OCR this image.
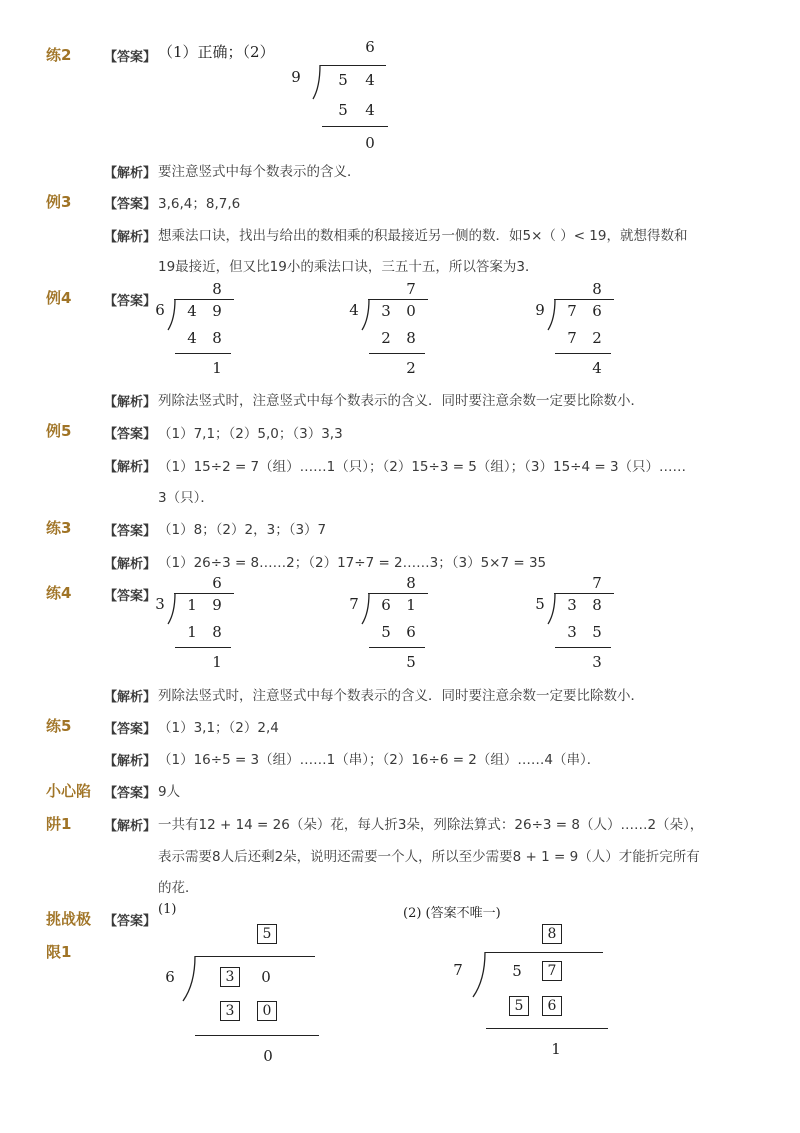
练2	【答案】 （1）正确；（2）	6
9	5	4
5	4
0
【解析】 要注意竖式中每个数表示的含义．
例3	【答案】 3,6,4；8,7,6
【解析】 想乘法口诀，找出与给出的数相乘的积最接近另一侧的数．如5×（ ）< 19，就想得数和
19最接近，但又比19小的乘法口诀，三五十五，所以答案为3．
例4	【答案】
8
6	4	9
4	8
1
7
4	3	0
2	8
2
8
9	7	6
7	2
4
【解析】 列除法竖式时，注意竖式中每个数表示的含义．同时要注意余数一定要比除数小．
例5	【答案】 （1）7,1；（2）5,0；（3）3,3
【解析】 （1）15÷2 = 7（组）……1（只）；（2）15÷3 = 5（组）；（3）15÷4 = 3（只）……
3（只）．
练3	【答案】 （1）8；（2）2，3；（3）7
【解析】 （1）26÷3 = 8……2；（2）17÷7 = 2……3；（3）5×7 = 35
练4	【答案】
6
3	1	9
1	8
1
8
7	6	1
5	6
5
7
5	3	8
3	5
3
【解析】 列除法竖式时，注意竖式中每个数表示的含义．同时要注意余数一定要比除数小．
练5	【答案】 （1）3,1；（2）2,4
【解析】 （1）16÷5 = 3（组）……1（串）；（2）16÷6 = 2（组）……4（串）．
小心陷 【答案】 9人
阱1	【解析】 一共有12 + 14 = 26（朵）花，每人折3朵，列除法算式：26÷3 = 8（人）……2（朵），
表示需要8人后还剩2朵，说明还需要一个人，所以至少需要8 + 1 = 9（人）才能折完所有
的花．
挑战极
限1
【答案】
(1)	(2) (答案不唯一)
5
6	3	0
3	0
0
8
7	5	7
5	6
1
